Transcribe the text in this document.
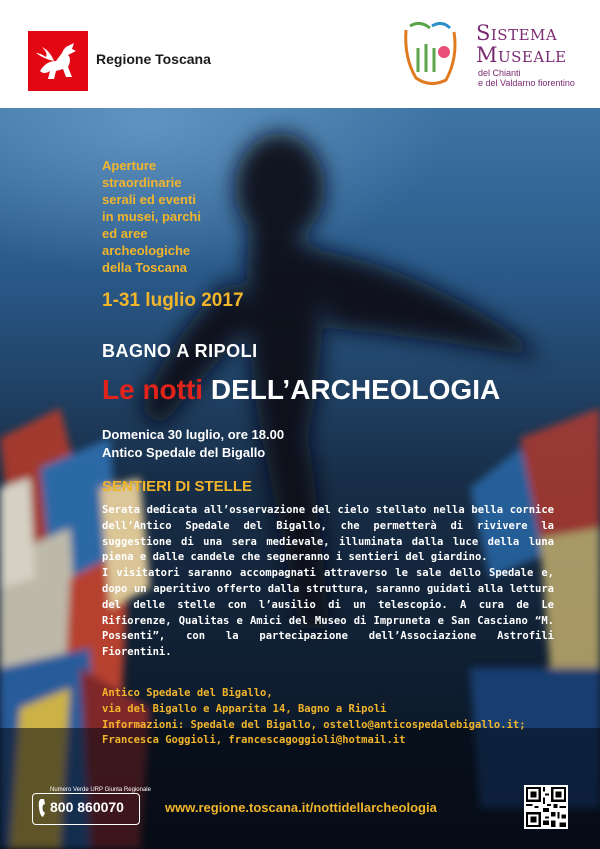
Regione Toscana
Sistema
Museale
del Chianti
e del Valdarno fiorentino
Aperture
straordinarie
serali ed eventi
in musei, parchi
ed aree
archeologiche
della Toscana
1-31 luglio 2017
BAGNO A RIPOLI
Le notti DELL’ARCHEOLOGIA
Domenica 30 luglio, ore 18.00
Antico Spedale del Bigallo
SENTIERI DI STELLE

Serata dedicata all’osservazione del cielo stellato nella bella cornice dell’Antico Spedale del Bigallo, che permetterà di rivivere la suggestione di una sera medievale, illuminata dalla luce della luna piena e dalle candele che segneranno i sentieri del giardino.

I visitatori saranno accompagnati attraverso le sale dello Spedale e, dopo un aperitivo offerto dalla struttura, saranno guidati alla lettura del delle stelle con l’ausilio di un telescopio. A cura de Le Rifiorenze, Qualitas e Amici del Museo di Impruneta e San Casciano “M. Possenti”, con la partecipazione dell’Associazione Astrofili Fiorentini.

Antico Spedale del Bigallo,

via del Bigallo e Apparita 14, Bagno a Ripoli

Informazioni: Spedale del Bigallo, ostello@anticospedalebigallo.it;

Francesca Goggioli, francescagoggioli@hotmail.it

Numero Verde URP Giunta Regionale
800 860070	www.regione.toscana.it/nottidellarcheologia
